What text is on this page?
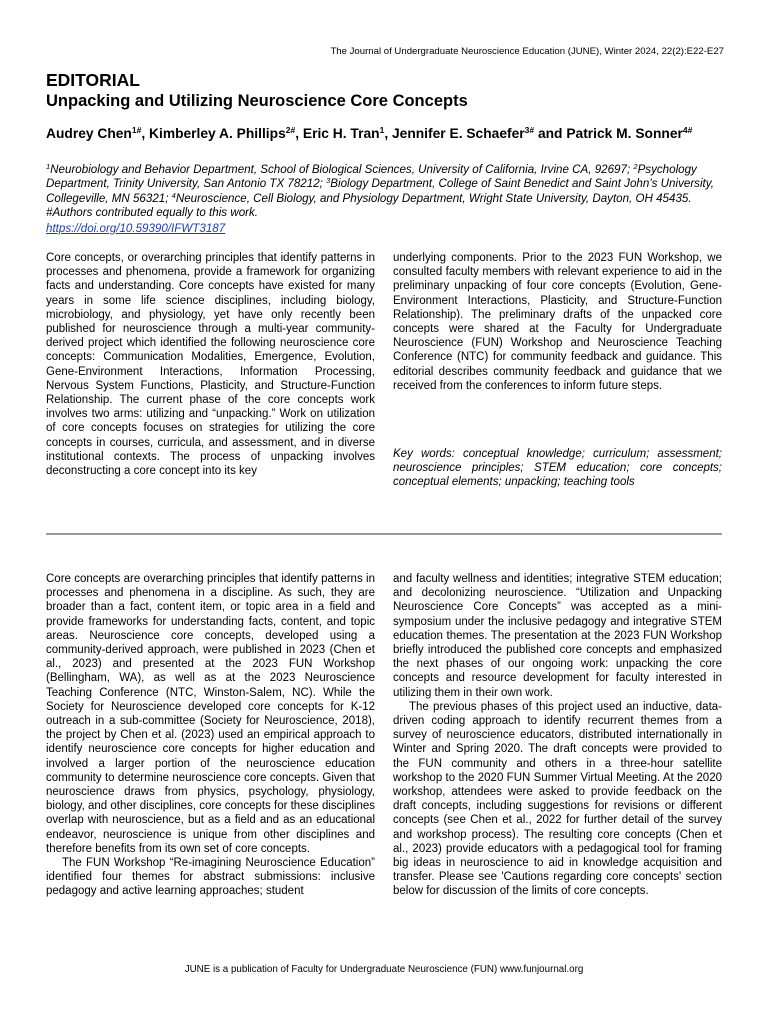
The Journal of Undergraduate Neuroscience Education (JUNE), Winter 2024, 22(2):E22-E27
EDITORIAL
Unpacking and Utilizing Neuroscience Core Concepts
Audrey Chen$^{1\#}$, Kimberley A. Phillips$^{2\#}$, Eric H. Tran$^1$, Jennifer E. Schaefer$^{3\#}$ and Patrick M. Sonner$^{4\#}$
$^1$Neurobiology and Behavior Department, School of Biological Sciences, University of California, Irvine CA, 92697; $^2$Psychology Department, Trinity University, San Antonio TX 78212; $^3$Biology Department, College of Saint Benedict and Saint John’s University, Collegeville, MN 56321; $^4$Neuroscience, Cell Biology, and Physiology Department, Wright State University, Dayton, OH 45435. #Authors contributed equally to this work.
https://doi.org/10.59390/IFWT3187

Core concepts, or overarching principles that identify patterns in processes and phenomena, provide a framework for organizing facts and understanding. Core concepts have existed for many years in some life science disciplines, including biology, microbiology, and physiology, yet have only recently been published for neuroscience through a multi-year community-derived project which identified the following neuroscience core concepts: Communication Modalities, Emergence, Evolution, Gene-Environment Interactions, Information Processing, Nervous System Functions, Plasticity, and Structure-Function Relationship. The current phase of the core concepts work involves two arms: utilizing and “unpacking.” Work on utilization of core concepts focuses on strategies for utilizing the core concepts in courses, curricula, and assessment, and in diverse institutional contexts. The process of unpacking involves deconstructing a core concept into its key

underlying components. Prior to the 2023 FUN Workshop, we consulted faculty members with relevant experience to aid in the preliminary unpacking of four core concepts (Evolution, Gene-Environment Interactions, Plasticity, and Structure-Function Relationship). The preliminary drafts of the unpacked core concepts were shared at the Faculty for Undergraduate Neuroscience (FUN) Workshop and Neuroscience Teaching Conference (NTC) for community feedback and guidance. This editorial describes community feedback and guidance that we received from the conferences to inform future steps.

Key words: conceptual knowledge; curriculum; assessment; neuroscience principles; STEM education; core concepts; conceptual elements; unpacking; teaching tools

Core concepts are overarching principles that identify patterns in processes and phenomena in a discipline. As such, they are broader than a fact, content item, or topic area in a field and provide frameworks for understanding facts, content, and topic areas. Neuroscience core concepts, developed using a community-derived approach, were published in 2023 (Chen et al., 2023) and presented at the 2023 FUN Workshop (Bellingham, WA), as well as at the 2023 Neuroscience Teaching Conference (NTC, Winston-Salem, NC). While the Society for Neuroscience developed core concepts for K-12 outreach in a sub-committee (Society for Neuroscience, 2018), the project by Chen et al. (2023) used an empirical approach to identify neuroscience core concepts for higher education and involved a larger portion of the neuroscience education community to determine neuroscience core concepts. Given that neuroscience draws from physics, psychology, physiology, biology, and other disciplines, core concepts for these disciplines overlap with neuroscience, but as a field and as an educational endeavor, neuroscience is unique from other disciplines and therefore benefits from its own set of core concepts.

The FUN Workshop “Re-imagining Neuroscience Education” identified four themes for abstract submissions: inclusive pedagogy and active learning approaches; student

and faculty wellness and identities; integrative STEM education; and decolonizing neuroscience. “Utilization and Unpacking Neuroscience Core Concepts” was accepted as a mini-symposium under the inclusive pedagogy and integrative STEM education themes. The presentation at the 2023 FUN Workshop briefly introduced the published core concepts and emphasized the next phases of our ongoing work: unpacking the core concepts and resource development for faculty interested in utilizing them in their own work.

The previous phases of this project used an inductive, data-driven coding approach to identify recurrent themes from a survey of neuroscience educators, distributed internationally in Winter and Spring 2020. The draft concepts were provided to the FUN community and others in a three-hour satellite workshop to the 2020 FUN Summer Virtual Meeting. At the 2020 workshop, attendees were asked to provide feedback on the draft concepts, including suggestions for revisions or different concepts (see Chen et al., 2022 for further detail of the survey and workshop process). The resulting core concepts (Chen et al., 2023) provide educators with a pedagogical tool for framing big ideas in neuroscience to aid in knowledge acquisition and transfer. Please see 'Cautions regarding core concepts' section below for discussion of the limits of core concepts.

JUNE is a publication of Faculty for Undergraduate Neuroscience (FUN) www.funjournal.org
